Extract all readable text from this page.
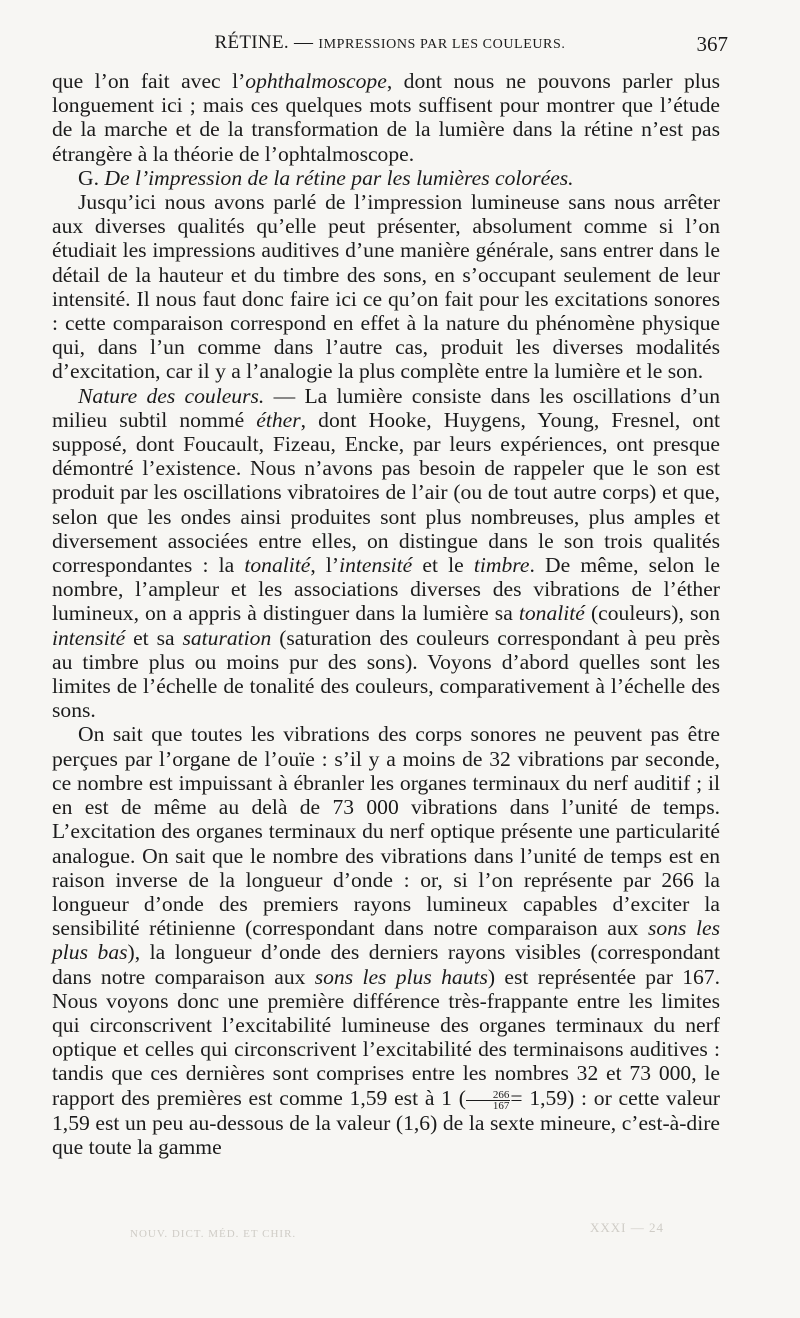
RÉTINE. — IMPRESSIONS PAR LES COULEURS.	367

que l’on fait avec l’ophthalmoscope, dont nous ne pouvons parler plus longuement ici ; mais ces quelques mots suffisent pour montrer que l’étude de la marche et de la transformation de la lumière dans la rétine n’est pas étrangère à la théorie de l’ophtalmoscope.

G. De l’impression de la rétine par les lumières colorées.

Jusqu’ici nous avons parlé de l’impression lumineuse sans nous arrêter aux diverses qualités qu’elle peut présenter, absolument comme si l’on étudiait les impressions auditives d’une manière générale, sans entrer dans le détail de la hauteur et du timbre des sons, en s’occupant seulement de leur intensité. Il nous faut donc faire ici ce qu’on fait pour les excitations sonores : cette comparaison correspond en effet à la nature du phénomène physique qui, dans l’un comme dans l’autre cas, produit les diverses modalités d’excitation, car il y a l’analogie la plus complète entre la lumière et le son.

Nature des couleurs. — La lumière consiste dans les oscillations d’un milieu subtil nommé éther, dont Hooke, Huygens, Young, Fresnel, ont supposé, dont Foucault, Fizeau, Encke, par leurs expériences, ont presque démontré l’existence. Nous n’avons pas besoin de rappeler que le son est produit par les oscillations vibratoires de l’air (ou de tout autre corps) et que, selon que les ondes ainsi produites sont plus nombreuses, plus amples et diversement associées entre elles, on distingue dans le son trois qualités correspondantes : la tonalité, l’intensité et le timbre. De même, selon le nombre, l’ampleur et les associations diverses des vibrations de l’éther lumineux, on a appris à distinguer dans la lumière sa tonalité (couleurs), son intensité et sa saturation (saturation des couleurs correspondant à peu près au timbre plus ou moins pur des sons). Voyons d’abord quelles sont les limites de l’échelle de tonalité des couleurs, comparativement à l’échelle des sons.

On sait que toutes les vibrations des corps sonores ne peuvent pas être perçues par l’organe de l’ouïe : s’il y a moins de 32 vibrations par seconde, ce nombre est impuissant à ébranler les organes terminaux du nerf auditif ; il en est de même au delà de 73 000 vibrations dans l’unité de temps. L’excitation des organes terminaux du nerf optique présente une particularité analogue. On sait que le nombre des vibrations dans l’unité de temps est en raison inverse de la longueur d’onde : or, si l’on représente par 266 la longueur d’onde des premiers rayons lumineux capables d’exciter la sensibilité rétinienne (correspondant dans notre comparaison aux sons les plus bas), la longueur d’onde des derniers rayons visibles (correspondant dans notre comparaison aux sons les plus hauts) est représentée par 167. Nous voyons donc une première différence très-frappante entre les limites qui circonscrivent l’excitabilité lumineuse des organes terminaux du nerf optique et celles qui circonscrivent l’excitabilité des terminaisons auditives : tandis que ces dernières sont comprises entre les nombres 32 et 73 000, le rapport des premières est comme 1,59 est à 1 ( $\frac{266}{167} = 1,59$) : or cette valeur 1,59 est un peu au-dessous de la valeur (1,6) de la sexte mineure, c’est-à-dire que toute la gamme

NOUV. DICT. MÉD. ET CHIR.	XXXI — 24
